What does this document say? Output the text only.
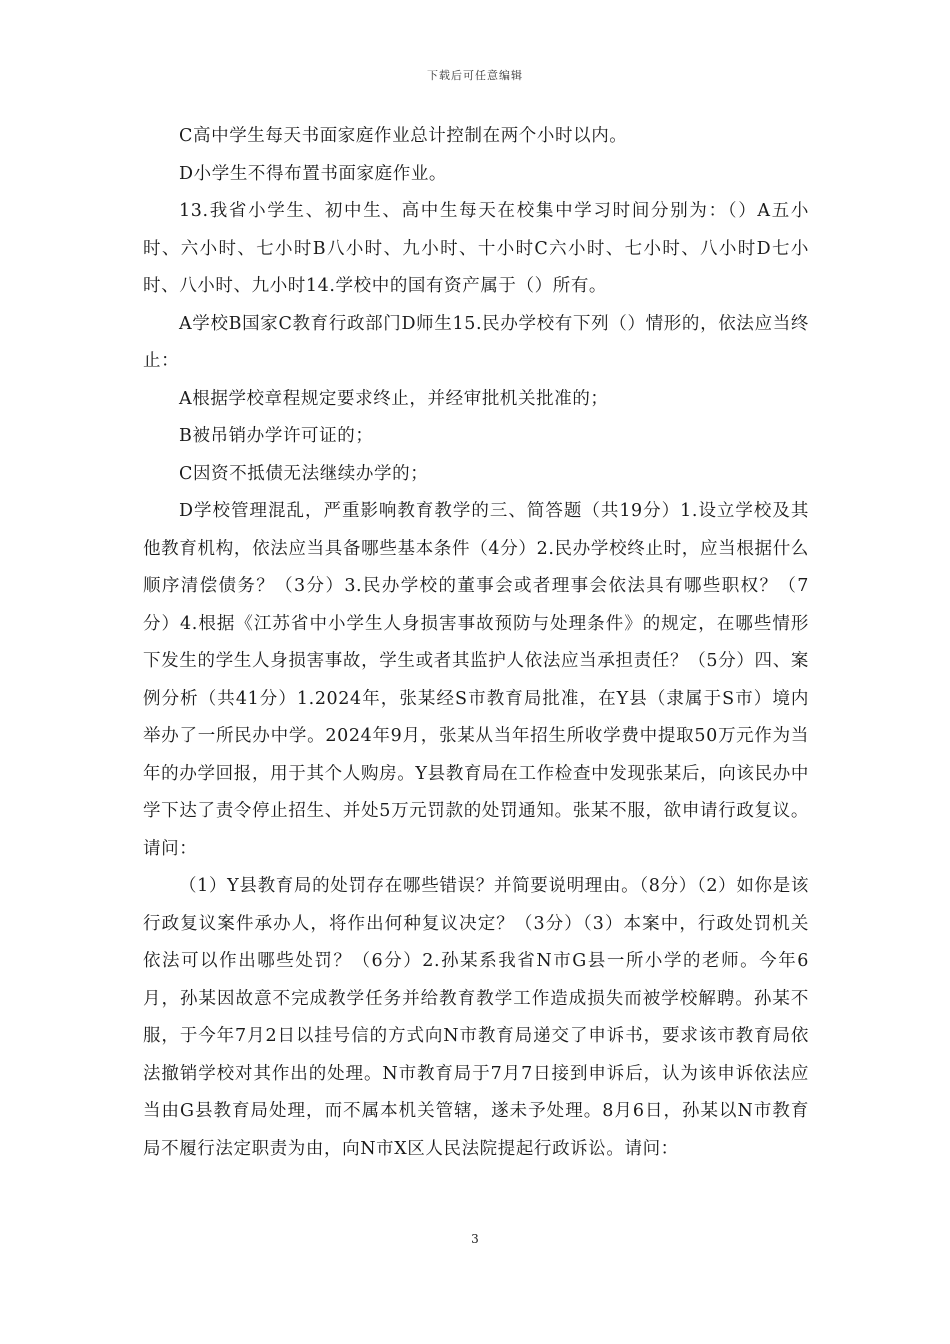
下载后可任意编辑

C高中学生每天书面家庭作业总计控制在两个小时以内。

D小学生不得布置书面家庭作业。

13.我省小学生、初中生、高中生每天在校集中学习时间分别为：（）A五小时、六小时、七小时B八小时、九小时、十小时C六小时、七小时、八小时D七小时、八小时、九小时14.学校中的国有资产属于（）所有。

A学校B国家C教育行政部门D师生15.民办学校有下列（）情形的，依法应当终止：

A根据学校章程规定要求终止，并经审批机关批准的；

B被吊销办学许可证的；

C因资不抵债无法继续办学的；

D学校管理混乱，严重影响教育教学的三、简答题（共19分）1.设立学校及其他教育机构，依法应当具备哪些基本条件（4分）2.民办学校终止时，应当根据什么顺序清偿债务？（3分）3.民办学校的董事会或者理事会依法具有哪些职权？（7分）4.根据《江苏省中小学生人身损害事故预防与处理条件》的规定，在哪些情形下发生的学生人身损害事故，学生或者其监护人依法应当承担责任？（5分）四、案例分析（共41分）1.2024年，张某经S市教育局批准，在Y县（隶属于S市）境内举办了一所民办中学。2024年9月，张某从当年招生所收学费中提取50万元作为当年的办学回报，用于其个人购房。Y县教育局在工作检查中发现张某后，向该民办中学下达了责令停止招生、并处5万元罚款的处罚通知。张某不服，欲申请行政复议。请问：

（1）Y县教育局的处罚存在哪些错误？并简要说明理由。（8分）（2）如你是该行政复议案件承办人，将作出何种复议决定？（3分）（3）本案中，行政处罚机关依法可以作出哪些处罚？（6分）2.孙某系我省N市G县一所小学的老师。今年6月，孙某因故意不完成教学任务并给教育教学工作造成损失而被学校解聘。孙某不服，于今年7月2日以挂号信的方式向N市教育局递交了申诉书，要求该市教育局依法撤销学校对其作出的处理。N市教育局于7月7日接到申诉后，认为该申诉依法应当由G县教育局处理，而不属本机关管辖，遂未予处理。8月6日，孙某以N市教育局不履行法定职责为由，向N市X区人民法院提起行政诉讼。请问：

3
